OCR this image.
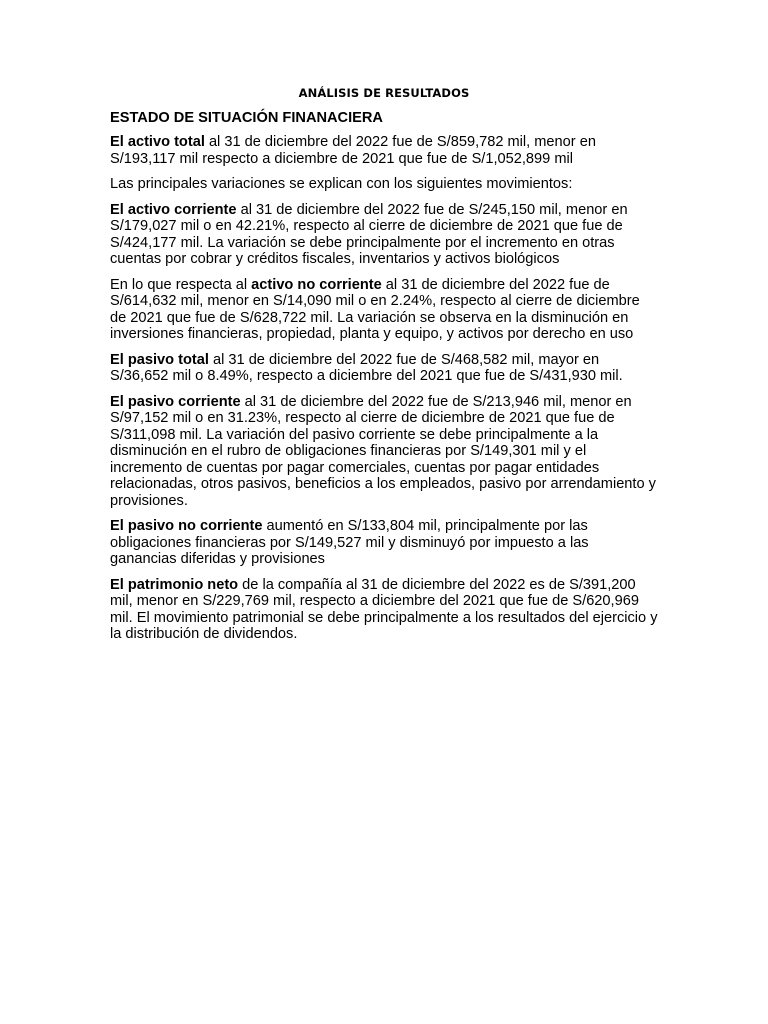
ANÁLISIS DE RESULTADOS
ESTADO DE SITUACIÓN FINANACIERA

El activo total al 31 de diciembre del 2022 fue de S/859,782 mil, menor en S/193,117 mil respecto a diciembre de 2021 que fue de S/1,052,899 mil

Las principales variaciones se explican con los siguientes movimientos:

El activo corriente al 31 de diciembre del 2022 fue de S/245,150 mil, menor en S/179,027 mil o en 42.21%, respecto al cierre de diciembre de 2021 que fue de S/424,177 mil. La variación se debe principalmente por el incremento en otras cuentas por cobrar y créditos fiscales, inventarios y activos biológicos

En lo que respecta al activo no corriente al 31 de diciembre del 2022 fue de S/614,632 mil, menor en S/14,090 mil o en 2.24%, respecto al cierre de diciembre de 2021 que fue de S/628,722 mil. La variación se observa en la disminución en inversiones financieras, propiedad, planta y equipo, y activos por derecho en uso

El pasivo total al 31 de diciembre del 2022 fue de S/468,582 mil, mayor en S/36,652 mil o 8.49%, respecto a diciembre del 2021 que fue de S/431,930 mil.

El pasivo corriente al 31 de diciembre del 2022 fue de S/213,946 mil, menor en S/97,152 mil o en 31.23%, respecto al cierre de diciembre de 2021 que fue de S/311,098 mil. La variación del pasivo corriente se debe principalmente a la disminución en el rubro de obligaciones financieras por S/149,301 mil y el incremento de cuentas por pagar comerciales, cuentas por pagar entidades relacionadas, otros pasivos, beneficios a los empleados, pasivo por arrendamiento y provisiones.

El pasivo no corriente aumentó en S/133,804 mil, principalmente por las obligaciones financieras por S/149,527 mil y disminuyó por impuesto a las ganancias diferidas y provisiones

El patrimonio neto de la compañía al 31 de diciembre del 2022 es de S/391,200 mil, menor en S/229,769 mil, respecto a diciembre del 2021 que fue de S/620,969 mil. El movimiento patrimonial se debe principalmente a los resultados del ejercicio y la distribución de dividendos.
